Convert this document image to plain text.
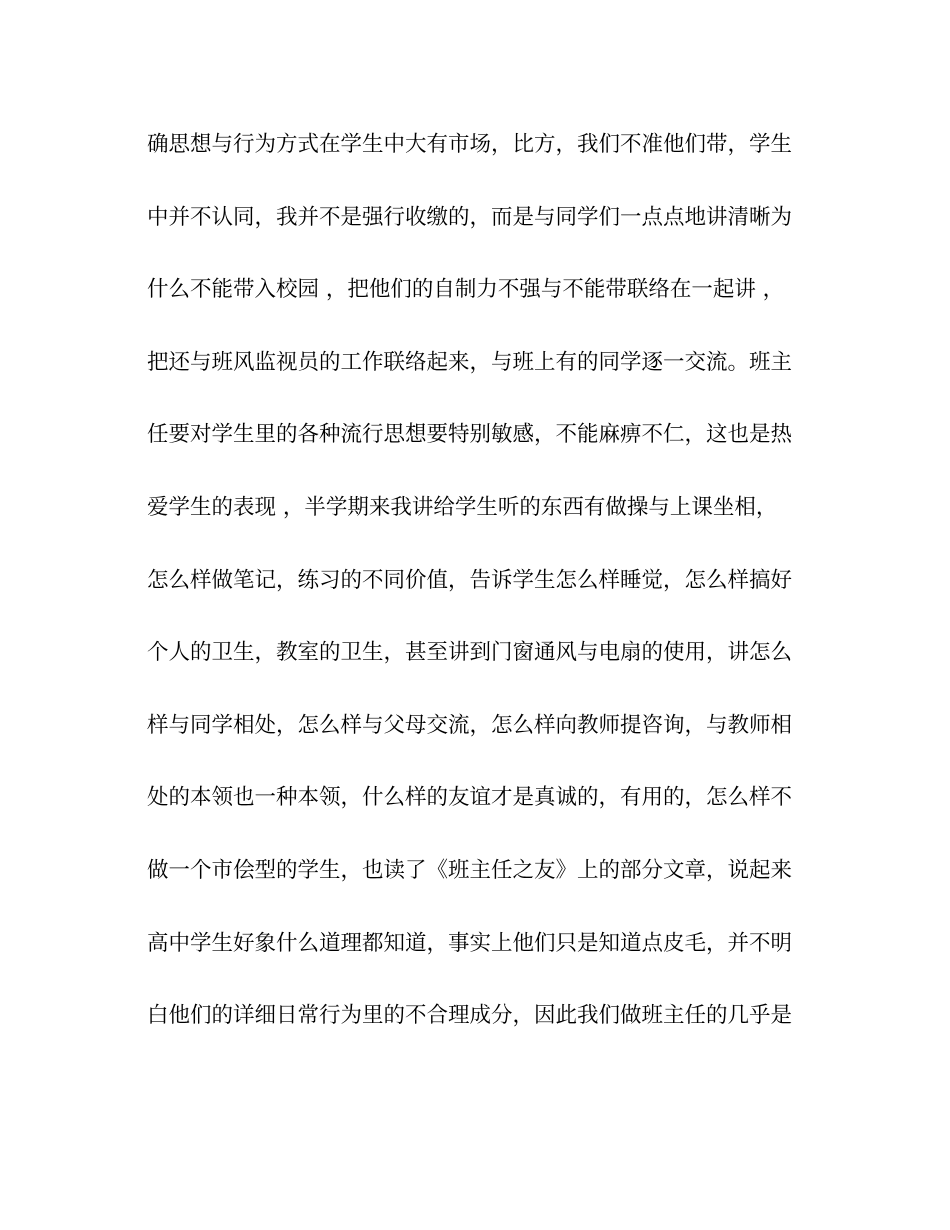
确思想与行为方式在学生中大有市场，比方，我们不准他们带，学生
中并不认同，我并不是强行收缴的，而是与同学们一点点地讲清晰为
什么不能带入校园 ，把他们的自制力不强与不能带联络在一起讲 ，
把还与班风监视员的工作联络起来，与班上有的同学逐一交流。班主
任要对学生里的各种流行思想要特别敏感，不能麻痹不仁，这也是热
爱学生的表现 ，半学期来我讲给学生听的东西有做操与上课坐相，
怎么样做笔记，练习的不同价值，告诉学生怎么样睡觉，怎么样搞好
个人的卫生，教室的卫生，甚至讲到门窗通风与电扇的使用，讲怎么
样与同学相处，怎么样与父母交流，怎么样向教师提咨询，与教师相
处的本领也一种本领，什么样的友谊才是真诚的，有用的，怎么样不
做一个市侩型的学生，也读了《班主任之友》上的部分文章，说起来
高中学生好象什么道理都知道，事实上他们只是知道点皮毛，并不明
白他们的详细日常行为里的不合理成分，因此我们做班主任的几乎是
